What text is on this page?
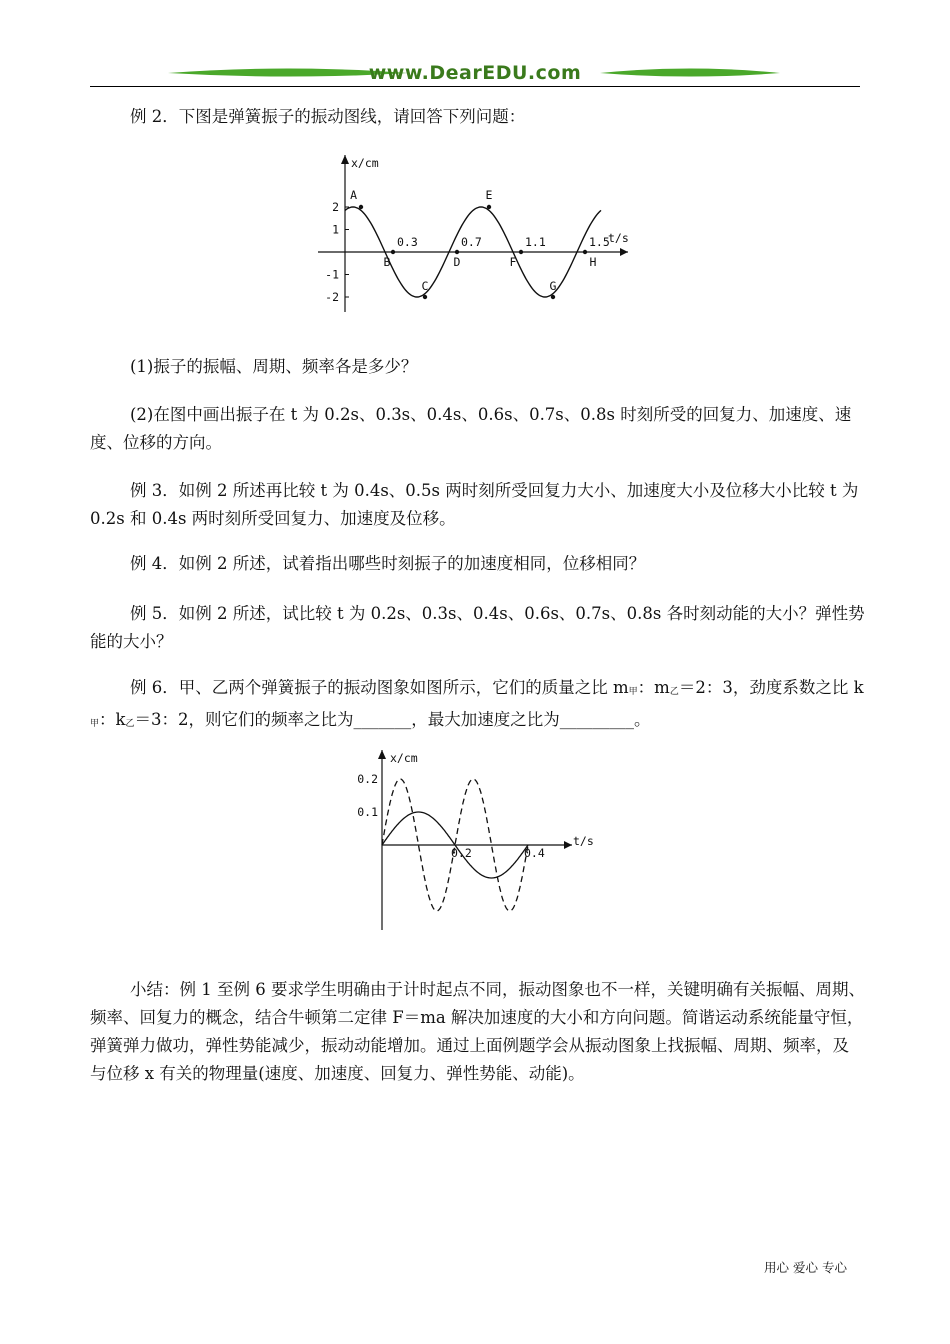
www.DearEDU.com

例 2．下图是弹簧振子的振动图线，请回答下列问题：

x/cm
t/s
2
1
-1
-2
0.3	0.7	1.1	1.5
A
B
C
D
E
F
G
H

(1)振子的振幅、周期、频率各是多少？

(2)在图中画出振子在 t 为 0.2s、0.3s、0.4s、0.6s、0.7s、0.8s 时刻所受的回复力、加速度、速度、位移的方向。

例 3．如例 2 所述再比较 t 为 0.4s、0.5s 两时刻所受回复力大小、加速度大小及位移大小比较 t 为 0.2s 和 0.4s 两时刻所受回复力、加速度及位移。

例 4．如例 2 所述，试着指出哪些时刻振子的加速度相同，位移相同？

例 5．如例 2 所述，试比较 t 为 0.2s、0.3s、0.4s、0.6s、0.7s、0.8s 各时刻动能的大小？弹性势能的大小？

例 6．甲、乙两个弹簧振子的振动图象如图所示，它们的质量之比 $m_甲$：$m_乙=2$：3，劲度系数之比 $k_甲$：$k_乙=3$：2，则它们的频率之比为_______，最大加速度之比为_________。

x/cm
t/s
0.2
0.1
0.2	0.4

小结：例 1 至例 6 要求学生明确由于计时起点不同，振动图象也不一样，关键明确有关振幅、周期、频率、回复力的概念，结合牛顿第二定律 F＝ma 解决加速度的大小和方向问题。简谐运动系统能量守恒，弹簧弹力做功，弹性势能减少，振动动能增加。通过上面例题学会从振动图象上找振幅、周期、频率，及与位移 x 有关的物理量(速度、加速度、回复力、弹性势能、动能)。

用心 爱心 专心
